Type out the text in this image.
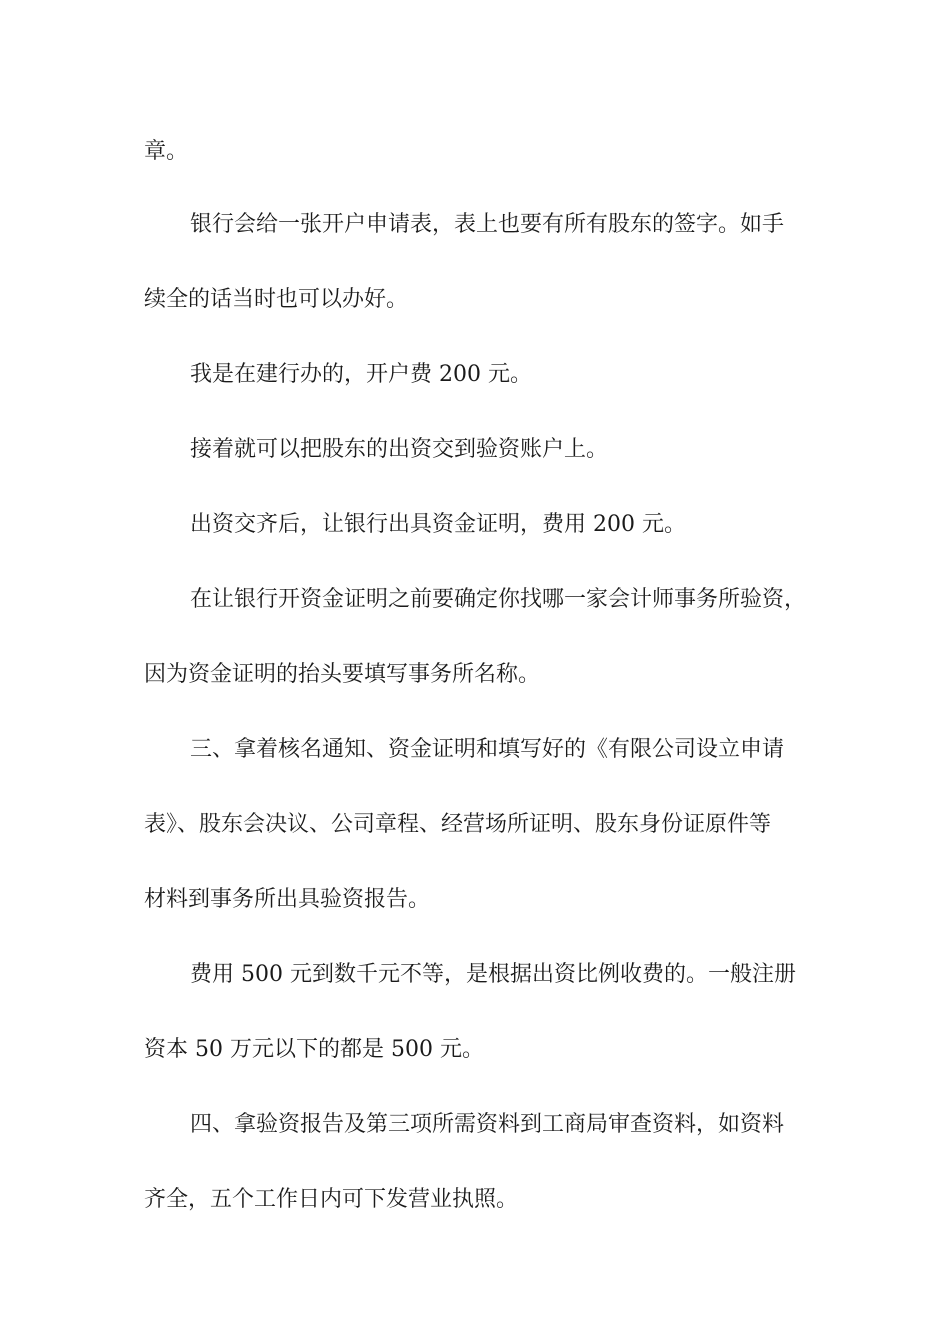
章。
银行会给一张开户申请表，表上也要有所有股东的签字。如手
续全的话当时也可以办好。
我是在建行办的，开户费 200 元。
接着就可以把股东的出资交到验资账户上。
出资交齐后，让银行出具资金证明，费用 200 元。
在让银行开资金证明之前要确定你找哪一家会计师事务所验资，
因为资金证明的抬头要填写事务所名称。
三、拿着核名通知、资金证明和填写好的《有限公司设立申请
表》、股东会决议、公司章程、经营场所证明、股东身份证原件等
材料到事务所出具验资报告。
费用 500 元到数千元不等，是根据出资比例收费的。一般注册
资本 50 万元以下的都是 500 元。
四、拿验资报告及第三项所需资料到工商局审查资料，如资料
齐全，五个工作日内可下发营业执照。
